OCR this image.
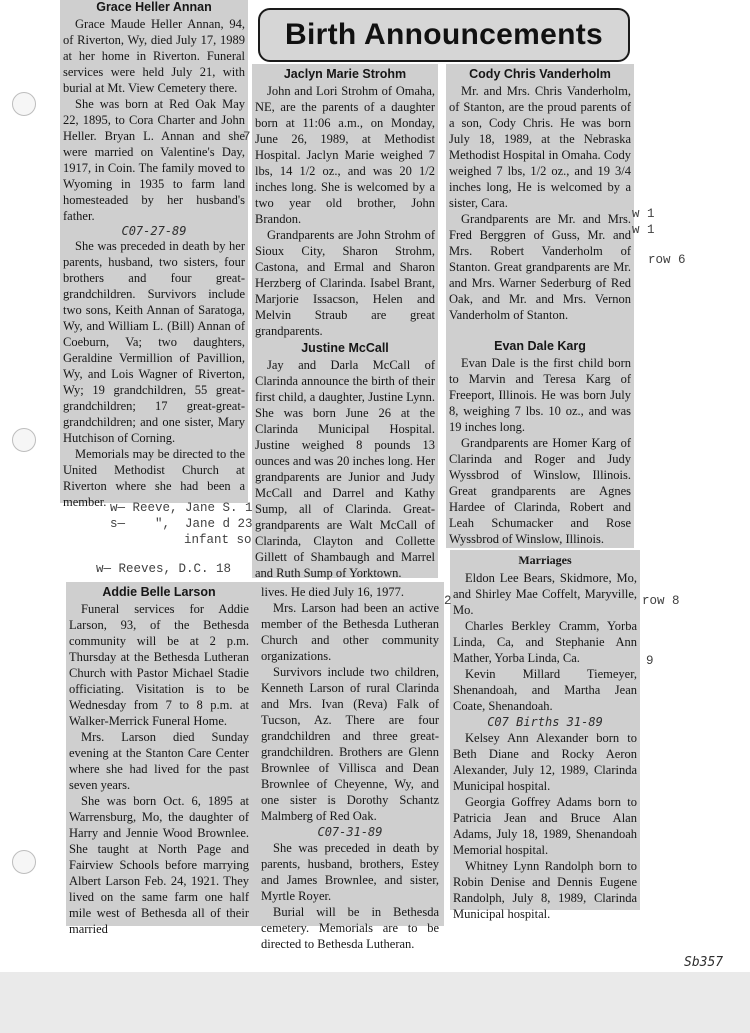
Grace Heller Annan

Grace Maude Heller Annan, 94, of Riverton, Wy, died July 17, 1989 at her home in Riverton. Funeral services were held July 21, with burial at Mt. View Cemetery there.

She was born at Red Oak May 22, 1895, to Cora Charter and John Heller. Bryan L. Annan and she were married on Valentine's Day, 1917, in Coin. The family moved to Wyoming in 1935 to farm land homesteaded by her husband's father.

C07-27-89

She was preceded in death by her parents, husband, two sisters, four brothers and four great-grandchildren. Survivors include two sons, Keith Annan of Saratoga, Wy, and William L. (Bill) Annan of Coeburn, Va; two daughters, Geraldine Vermillion of Pavillion, Wy, and Lois Wagner of Riverton, Wy; 19 grandchildren, 55 great-grandchildren; 17 great-great-grandchildren; and one sister, Mary Hutchison of Corning.

Memorials may be directed to the United Methodist Church at Riverton where she had been a member.

Birth Announcements
Jaclyn Marie Strohm

John and Lori Strohm of Omaha, NE, are the parents of a daughter born at 11:06 a.m., on Monday, June 26, 1989, at Methodist Hospital. Jaclyn Marie weighed 7 lbs, 14 1/2 oz., and was 20 1/2 inches long. She is welcomed by a two year old brother, John Brandon.

Grandparents are John Strohm of Sioux City, Sharon Strohm, Castona, and Ermal and Sharon Herzberg of Clarinda. Isabel Brant, Marjorie Issacson, Helen and Melvin Straub are great grandparents.

Justine McCall

Jay and Darla McCall of Clarinda announce the birth of their first child, a daughter, Justine Lynn. She was born June 26 at the Clarinda Municipal Hospital. Justine weighed 8 pounds 13 ounces and was 20 inches long. Her grandparents are Junior and Judy McCall and Darrel and Kathy Sump, all of Clarinda. Great-grandparents are Walt McCall of Clarinda, Clayton and Collette Gillett of Shambaugh and Marrel and Ruth Sump of Yorktown.

Cody Chris Vanderholm

Mr. and Mrs. Chris Vanderholm, of Stanton, are the proud parents of a son, Cody Chris. He was born July 18, 1989, at the Nebraska Methodist Hospital in Omaha. Cody weighed 7 lbs, 1/2 oz., and 19 3/4 inches long, He is welcomed by a sister, Cara.

Grandparents are Mr. and Mrs. Fred Berggren of Guss, Mr. and Mrs. Robert Vanderholm of Stanton. Great grandparents are Mr. and Mrs. Warner Sederburg of Red Oak, and Mr. and Mrs. Vernon Vanderholm of Stanton.

Evan Dale Karg

Evan Dale is the first child born to Marvin and Teresa Karg of Freeport, Illinois. He was born July 8, weighing 7 lbs. 10 oz., and was 19 inches long.

Grandparents are Homer Karg of Clarinda and Roger and Judy Wyssbrod of Winslow, Illinois. Great grandparents are Agnes Hardee of Clarinda, Robert and Leah Schumacker and Rose Wyssbrod of Winslow, Illinois.

Addie Belle Larson

Funeral services for Addie Larson, 93, of the Bethesda community will be at 2 p.m. Thursday at the Bethesda Lutheran Church with Pastor Michael Stadie officiating. Visitation is to be Wednesday from 7 to 8 p.m. at Walker-Merrick Funeral Home.

Mrs. Larson died Sunday evening at the Stanton Care Center where she had lived for the past seven years.

She was born Oct. 6, 1895 at Warrensburg, Mo, the daughter of Harry and Jennie Wood Brownlee. She taught at North Page and Fairview Schools before marrying Albert Larson Feb. 24, 1921. They lived on the same farm one half mile west of Bethesda all of their married

lives. He died July 16, 1977.

Mrs. Larson had been an active member of the Bethesda Lutheran Church and other community organizations.

Survivors include two children, Kenneth Larson of rural Clarinda and Mrs. Ivan (Reva) Falk of Tucson, Az. There are four grandchildren and three great-grandchildren. Brothers are Glenn Brownlee of Villisca and Dean Brownlee of Cheyenne, Wy, and one sister is Dorothy Schantz Malmberg of Red Oak.

C07-31-89

She was preceded in death by parents, husband, brothers, Estey and James Brownlee, and sister, Myrtle Royer.

Burial will be in Bethesda cemetery. Memorials are to be directed to Bethesda Lutheran.

Marriages

Eldon Lee Bears, Skidmore, Mo, and Shirley Mae Coffelt, Maryville, Mo.

Charles Berkley Cramm, Yorba Linda, Ca, and Stephanie Ann Mather, Yorba Linda, Ca.

Kevin Millard Tiemeyer, Shenandoah, and Martha Jean Coate, Shenandoah.

C07 Births 31-89

Kelsey Ann Alexander born to Beth Diane and Rocky Aeron Alexander, July 12, 1989, Clarinda Municipal hospital.

Georgia Goffrey Adams born to Patricia Jean and Bruce Alan Adams, July 18, 1989, Shenandoah Memorial hospital.

Whitney Lynn Randolph born to Robin Denise and Dennis Eugene Randolph, July 8, 1989, Clarinda Municipal hospital.

w— Reeve, Jane S. 1
s—    ",  Jane d 23
infant so
w— Reeves, D.C. 18
w 1
w 1
row 6
row 8
9
7
2
Sb357
